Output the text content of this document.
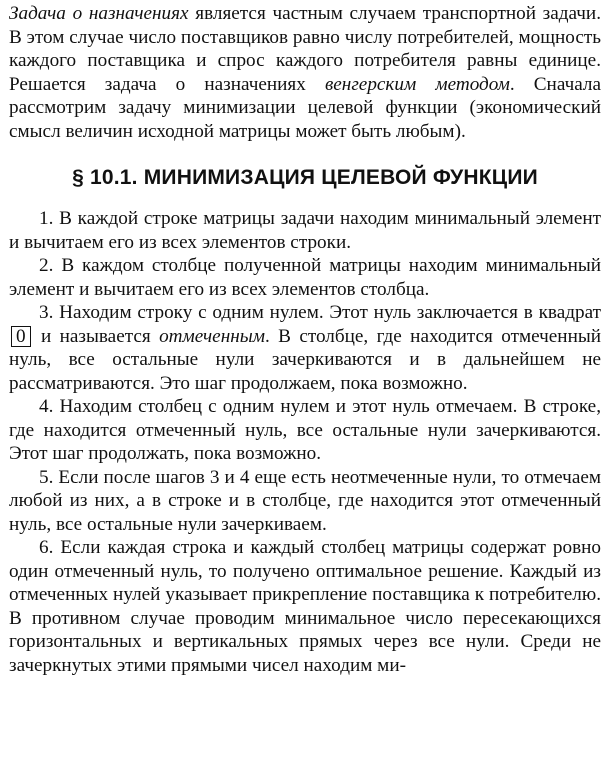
Задача о назначениях является частным случаем транспортной задачи. В этом случае число поставщиков равно числу потребителей, мощность каждого поставщика и спрос каждого потребителя равны единице. Решается задача о назначениях венгерским методом. Сначала рассмотрим задачу минимизации целевой функции (экономический смысл величин исходной матрицы может быть любым).

§ 10.1. МИНИМИЗАЦИЯ ЦЕЛЕВОЙ ФУНКЦИИ

1. В каждой строке матрицы задачи находим минимальный элемент и вычитаем его из всех элементов строки.

2. В каждом столбце полученной матрицы находим минимальный элемент и вычитаем его из всех элементов столбца.

3. Находим строку с одним нулем. Этот нуль заключается в квадрат 0 и называется отмеченным. В столбце, где находится отмеченный нуль, все остальные нули зачеркиваются и в дальнейшем не рассматриваются. Это шаг продолжаем, пока возможно.

4. Находим столбец с одним нулем и этот нуль отмечаем. В строке, где находится отмеченный нуль, все остальные нули зачеркиваются. Этот шаг продолжать, пока возможно.

5. Если после шагов 3 и 4 еще есть неотмеченные нули, то отмечаем любой из них, а в строке и в столбце, где находится этот отмеченный нуль, все остальные нули зачеркиваем.

6. Если каждая строка и каждый столбец матрицы содержат ровно один отмеченный нуль, то получено оптимальное решение. Каждый из отмеченных нулей указывает прикрепление поставщика к потребителю. В противном случае проводим минимальное число пересекающихся горизонтальных и вертикальных прямых через все нули. Среди не зачеркнутых этими прямыми чисел находим ми-
